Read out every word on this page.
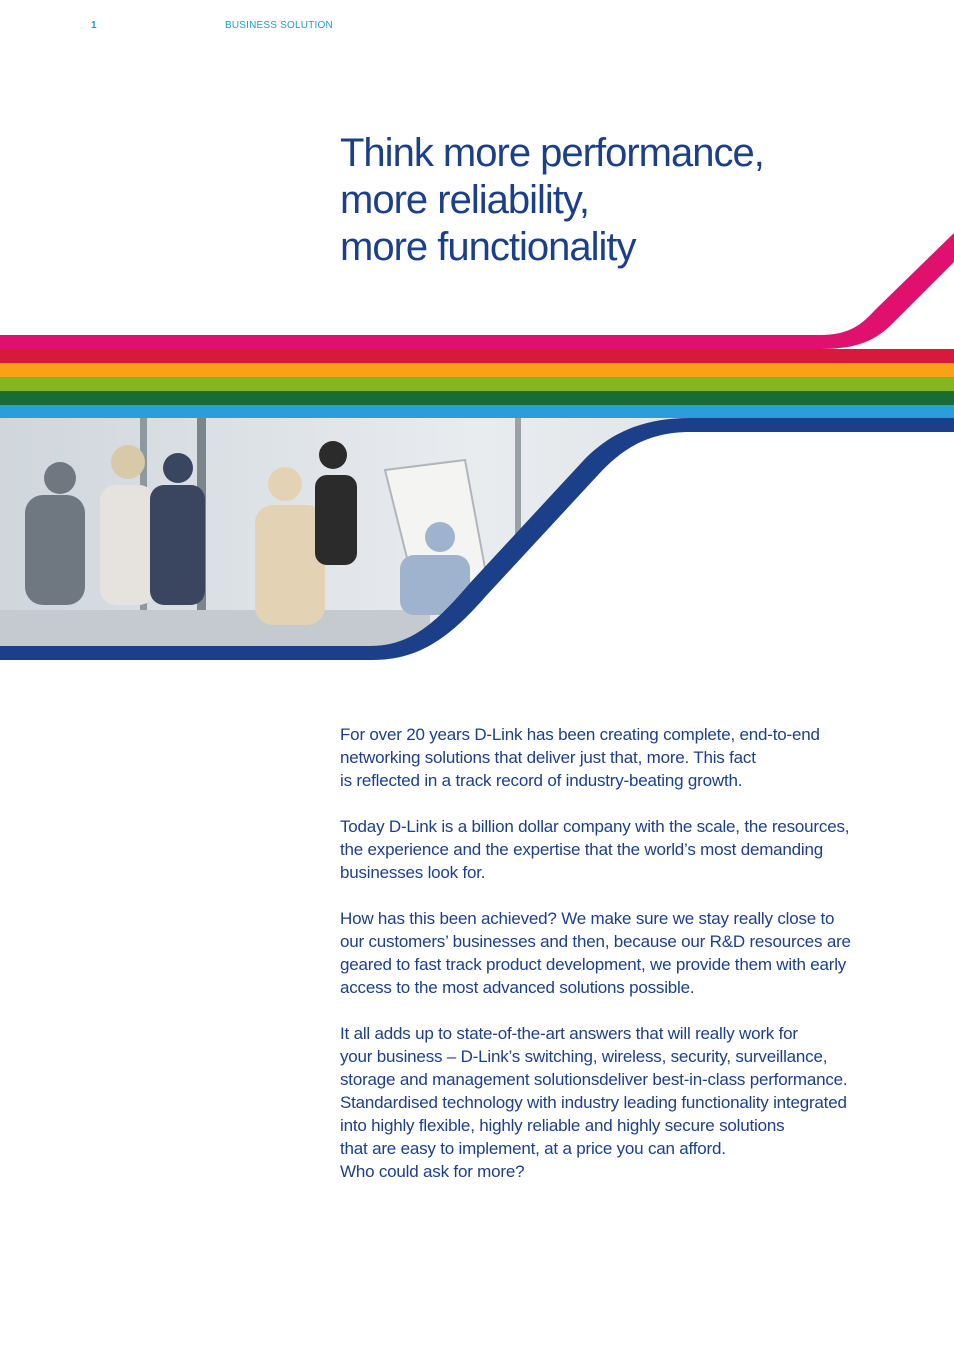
1	BUSINESS SOLUTION
Think more performance,
more reliability,
more functionality

For over 20 years D-Link has been creating complete, end-to-end
networking solutions that deliver just that, more. This fact
is reflected in a track record of industry-beating growth.

Today D-Link is a billion dollar company with the scale, the resources,
the experience and the expertise that the world’s most demanding
businesses look for.

How has this been achieved? We make sure we stay really close to
our customers’ businesses and then, because our R&D resources are
geared to fast track product development, we provide them with early
access to the most advanced solutions possible.

It all adds up to state-of-the-art answers that will really work for
your business – D-Link’s switching, wireless, security, surveillance,
storage and management solutionsdeliver best-in-class performance.
Standardised technology with industry leading functionality integrated
into highly flexible, highly reliable and highly secure solutions
that are easy to implement, at a price you can afford.
Who could ask for more?
